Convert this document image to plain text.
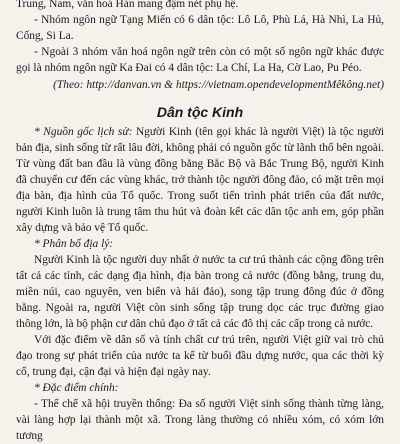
Trung, Nam, văn hoá Hán mang đậm nét phụ hệ.

- Nhóm ngôn ngữ Tạng Miến có 6 dân tộc: Lô Lô, Phù Lá, Hà Nhì, La Hủ, Cống, Si La.

- Ngoài 3 nhóm văn hoá ngôn ngữ trên còn có một số ngôn ngữ khác được gọi là nhóm ngôn ngữ Ka Đai có 4 dân tộc: La Chí, La Ha, Cờ Lao, Pu Péo.

(Theo: http://danvan.vn & https://vietnam.opendevelopmentMêkông.net)

Dân tộc Kinh

* Nguồn gốc lịch sử: Người Kinh (tên gọi khác là người Việt) là tộc người bản địa, sinh sống từ rất lâu đời, không phải có nguồn gốc từ lãnh thổ bên ngoài. Từ vùng đất ban đầu là vùng đồng bằng Bắc Bộ và Bắc Trung Bộ, người Kinh đã chuyển cư đến các vùng khác, trở thành tộc người đông đảo, có mặt trên mọi địa bàn, địa hình của Tổ quốc. Trong suốt tiến trình phát triển của đất nước, người Kinh luôn là trung tâm thu hút và đoàn kết các dân tộc anh em, góp phần xây dựng và bảo vệ Tổ quốc.

* Phân bố địa lý:

Người Kinh là tộc người duy nhất ở nước ta cư trú thành các cộng đồng trên tất cả các tỉnh, các dạng địa hình, địa bàn trong cả nước (đồng bằng, trung du, miền núi, cao nguyên, ven biển và hải đảo), song tập trung đông đúc ở đồng bằng. Ngoài ra, người Việt còn sinh sống tập trung dọc các trục đường giao thông lớn, là bộ phận cư dân chủ đạo ở tất cả các đô thị các cấp trong cả nước.

Với đặc điểm về dân số và tính chất cư trú trên, người Việt giữ vai trò chủ đạo trong sự phát triển của nước ta kể từ buổi đầu dựng nước, qua các thời kỳ cổ, trung đại, cận đại và hiện đại ngày nay.

* Đặc điểm chính:

- Thể chế xã hội truyền thống: Đa số người Việt sinh sống thành từng làng, vài làng hợp lại thành một xã. Trong làng thường có nhiều xóm, có xóm lớn tương
